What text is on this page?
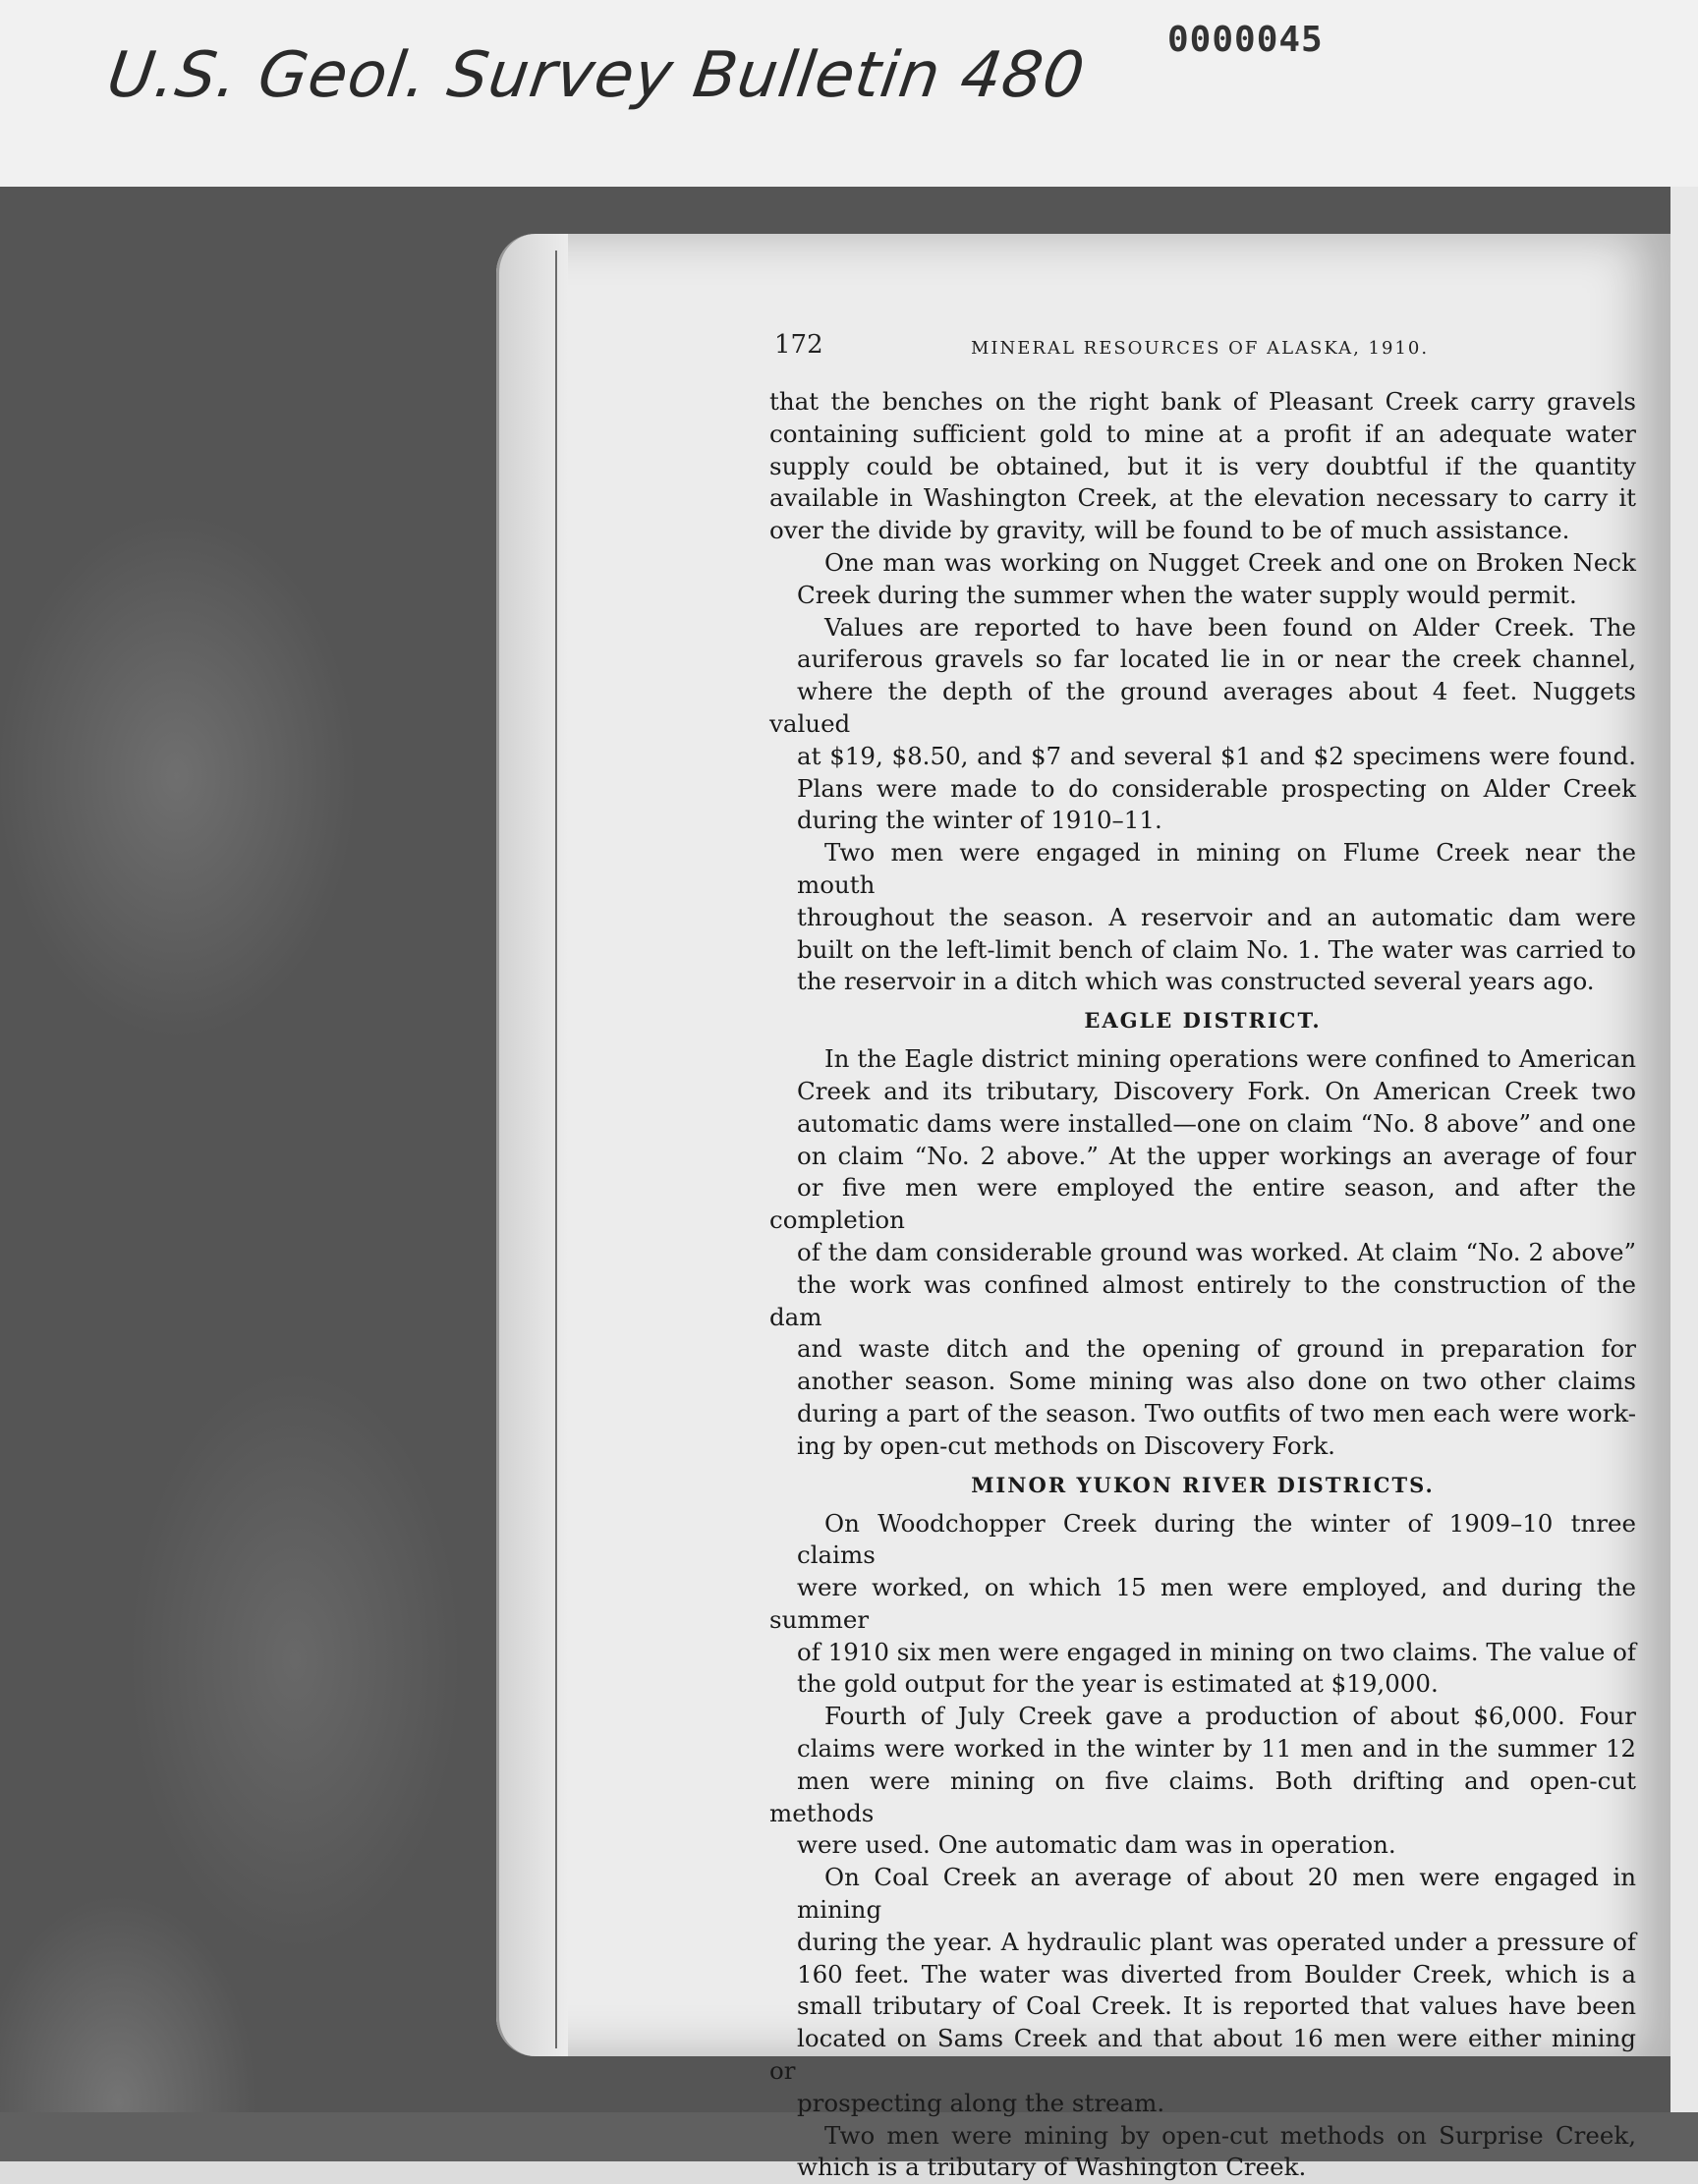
U.S. Geol. Survey Bulletin 480 0000045
172	MINERAL RESOURCES OF ALASKA, 1910.
that the benches on the right bank of Pleasant Creek carry gravels
containing sufficient gold to mine at a profit if an adequate water
supply could be obtained, but it is very doubtful if the quantity
available in Washington Creek, at the elevation necessary to carry it
over the divide by gravity, will be found to be of much assistance.
One man was working on Nugget Creek and one on Broken Neck
Creek during the summer when the water supply would permit.
Values are reported to have been found on Alder Creek. The
auriferous gravels so far located lie in or near the creek channel,
where the depth of the ground averages about 4 feet. Nuggets valued
at $19, $8.50, and $7 and several $1 and $2 specimens were found.
Plans were made to do considerable prospecting on Alder Creek
during the winter of 1910–11.
Two men were engaged in mining on Flume Creek near the mouth
throughout the season. A reservoir and an automatic dam were
built on the left-limit bench of claim No. 1. The water was carried to
the reservoir in a ditch which was constructed several years ago.
EAGLE DISTRICT.
In the Eagle district mining operations were confined to American
Creek and its tributary, Discovery Fork. On American Creek two
automatic dams were installed—one on claim “No. 8 above” and one
on claim “No. 2 above.” At the upper workings an average of four
or five men were employed the entire season, and after the completion
of the dam considerable ground was worked. At claim “No. 2 above”
the work was confined almost entirely to the construction of the dam
and waste ditch and the opening of ground in preparation for
another season. Some mining was also done on two other claims
during a part of the season. Two outfits of two men each were work-
ing by open-cut methods on Discovery Fork.
MINOR YUKON RIVER DISTRICTS.
On Woodchopper Creek during the winter of 1909–10 tnree claims
were worked, on which 15 men were employed, and during the summer
of 1910 six men were engaged in mining on two claims. The value of
the gold output for the year is estimated at $19,000.
Fourth of July Creek gave a production of about $6,000. Four
claims were worked in the winter by 11 men and in the summer 12
men were mining on five claims. Both drifting and open-cut methods
were used. One automatic dam was in operation.
On Coal Creek an average of about 20 men were engaged in mining
during the year. A hydraulic plant was operated under a pressure of
160 feet. The water was diverted from Boulder Creek, which is a
small tributary of Coal Creek. It is reported that values have been
located on Sams Creek and that about 16 men were either mining or
prospecting along the stream.
Two men were mining by open-cut methods on Surprise Creek,
which is a tributary of Washington Creek.
